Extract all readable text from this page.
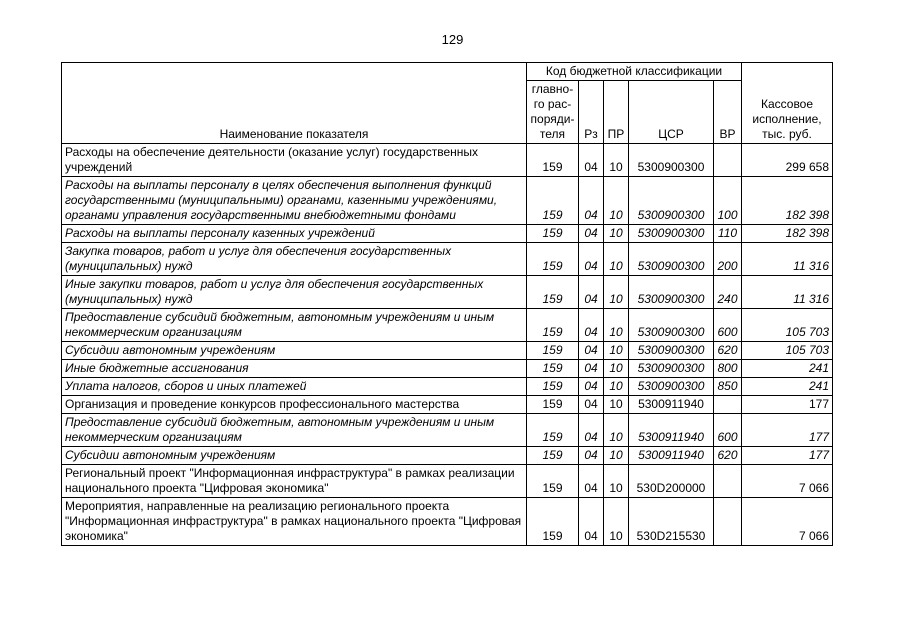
129
Наименование показателя	Код бюджетной классификации					Кассовое исполнение, тыс. руб.
	главно-го рас-поряди-теля	Рз	ПР	ЦСР	ВР	
Расходы на обеспечение деятельности (оказание услуг) государственных учреждений	159	04	10	5300900300		299 658
Расходы на выплаты персоналу в целях обеспечения выполнения функций государственными (муниципальными) органами, казенными учреждениями, органами управления государственными внебюджетными фондами	159	04	10	5300900300	100	182 398
Расходы на выплаты персоналу казенных учреждений	159	04	10	5300900300	110	182 398
Закупка товаров, работ и услуг для обеспечения государственных (муниципальных) нужд	159	04	10	5300900300	200	11 316
Иные закупки товаров, работ и услуг для обеспечения государственных (муниципальных) нужд	159	04	10	5300900300	240	11 316
Предоставление субсидий бюджетным, автономным учреждениям и иным некоммерческим организациям	159	04	10	5300900300	600	105 703
Субсидии автономным учреждениям	159	04	10	5300900300	620	105 703
Иные бюджетные ассигнования	159	04	10	5300900300	800	241
Уплата налогов, сборов и иных платежей	159	04	10	5300900300	850	241
Организация и проведение конкурсов профессионального мастерства	159	04	10	5300911940		177
Предоставление субсидий бюджетным, автономным учреждениям и иным некоммерческим организациям	159	04	10	5300911940	600	177
Субсидии автономным учреждениям	159	04	10	5300911940	620	177
Региональный проект "Информационная инфраструктура" в рамках реализации национального проекта "Цифровая экономика"	159	04	10	530D200000		7 066
Мероприятия, направленные на реализацию регионального проекта "Информационная инфраструктура" в рамках национального проекта "Цифровая экономика"	159	04	10	530D215530		7 066
